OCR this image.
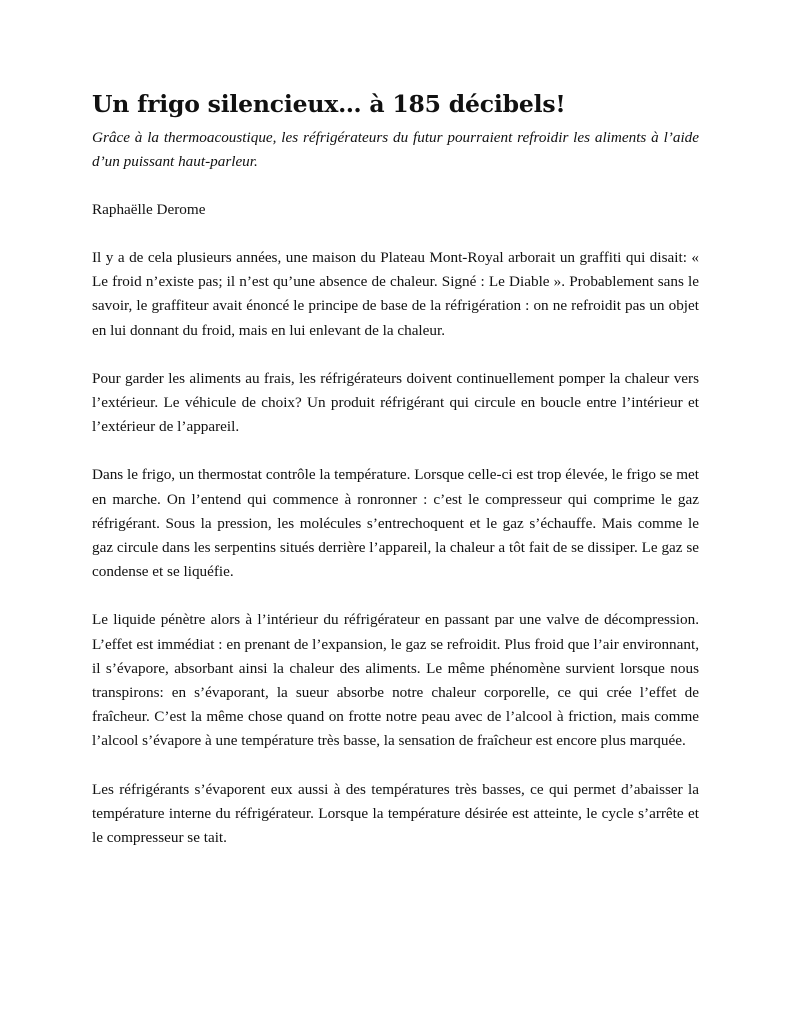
Un frigo silencieux… à 185 décibels!

Grâce à la thermoacoustique, les réfrigérateurs du futur pourraient refroidir les aliments à l’aide d’un puissant haut-parleur.

Raphaëlle Derome

Il y a de cela plusieurs années, une maison du Plateau Mont-Royal arborait un graffiti qui disait: « Le froid n’existe pas; il n’est qu’une absence de chaleur. Signé : Le Diable ». Probablement sans le savoir, le graffiteur avait énoncé le principe de base de la réfrigération : on ne refroidit pas un objet en lui donnant du froid, mais en lui enlevant de la chaleur.

Pour garder les aliments au frais, les réfrigérateurs doivent continuellement pomper la chaleur vers l’extérieur. Le véhicule de choix? Un produit réfrigérant qui circule en boucle entre l’intérieur et l’extérieur de l’appareil.

Dans le frigo, un thermostat contrôle la température. Lorsque celle-ci est trop élevée, le frigo se met en marche. On l’entend qui commence à ronronner : c’est le compresseur qui comprime le gaz réfrigérant. Sous la pression, les molécules s’entrechoquent et le gaz s’échauffe. Mais comme le gaz circule dans les serpentins situés derrière l’appareil, la chaleur a tôt fait de se dissiper. Le gaz se condense et se liquéfie.

Le liquide pénètre alors à l’intérieur du réfrigérateur en passant par une valve de décompression. L’effet est immédiat : en prenant de l’expansion, le gaz se refroidit. Plus froid que l’air environnant, il s’évapore, absorbant ainsi la chaleur des aliments. Le même phénomène survient lorsque nous transpirons: en s’évaporant, la sueur absorbe notre chaleur corporelle, ce qui crée l’effet de fraîcheur. C’est la même chose quand on frotte notre peau avec de l’alcool à friction, mais comme l’alcool s’évapore à une température très basse, la sensation de fraîcheur est encore plus marquée.

Les réfrigérants s’évaporent eux aussi à des températures très basses, ce qui permet d’abaisser la température interne du réfrigérateur. Lorsque la température désirée est atteinte, le cycle s’arrête et le compresseur se tait.
